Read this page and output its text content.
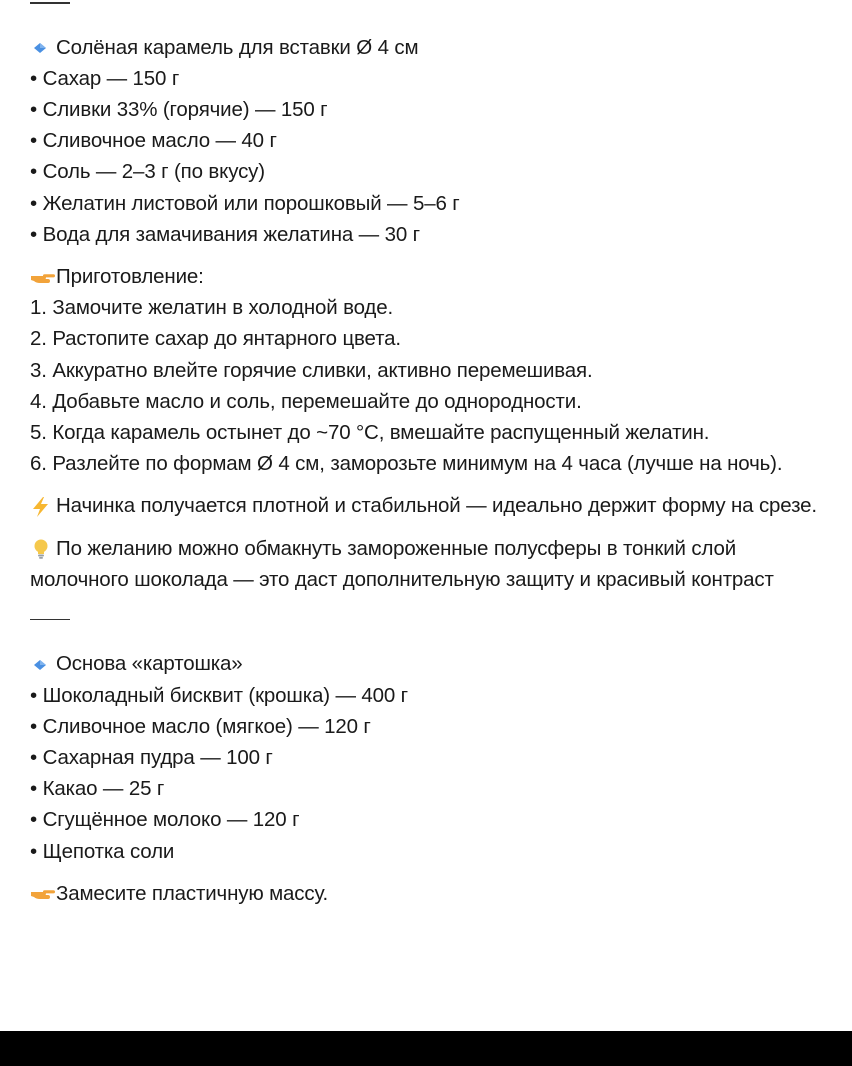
Солёная карамель для вставки Ø 4 см
• Сахар — 150 г
• Сливки 33% (горячие) — 150 г
• Сливочное масло — 40 г
• Соль — 2–3 г (по вкусу)
• Желатин листовой или порошковый — 5–6 г
• Вода для замачивания желатина — 30 г
Приготовление:
1. Замочите желатин в холодной воде.
2. Растопите сахар до янтарного цвета.
3. Аккуратно влейте горячие сливки, активно перемешивая.
4. Добавьте масло и соль, перемешайте до однородности.
5. Когда карамель остынет до ~70 °С, вмешайте распущенный желатин.
6. Разлейте по формам Ø 4 см, заморозьте минимум на 4 часа (лучше на ночь).
Начинка получается плотной и стабильной — идеально держит форму на срезе.
По желанию можно обмакнуть замороженные полусферы в тонкий слой молочного шоколада — это даст дополнительную защиту и красивый контраст
Основа «картошка»
• Шоколадный бисквит (крошка) — 400 г
• Сливочное масло (мягкое) — 120 г
• Сахарная пудра — 100 г
• Какао — 25 г
• Сгущённое молоко — 120 г
• Щепотка соли
Замесите пластичную массу.
